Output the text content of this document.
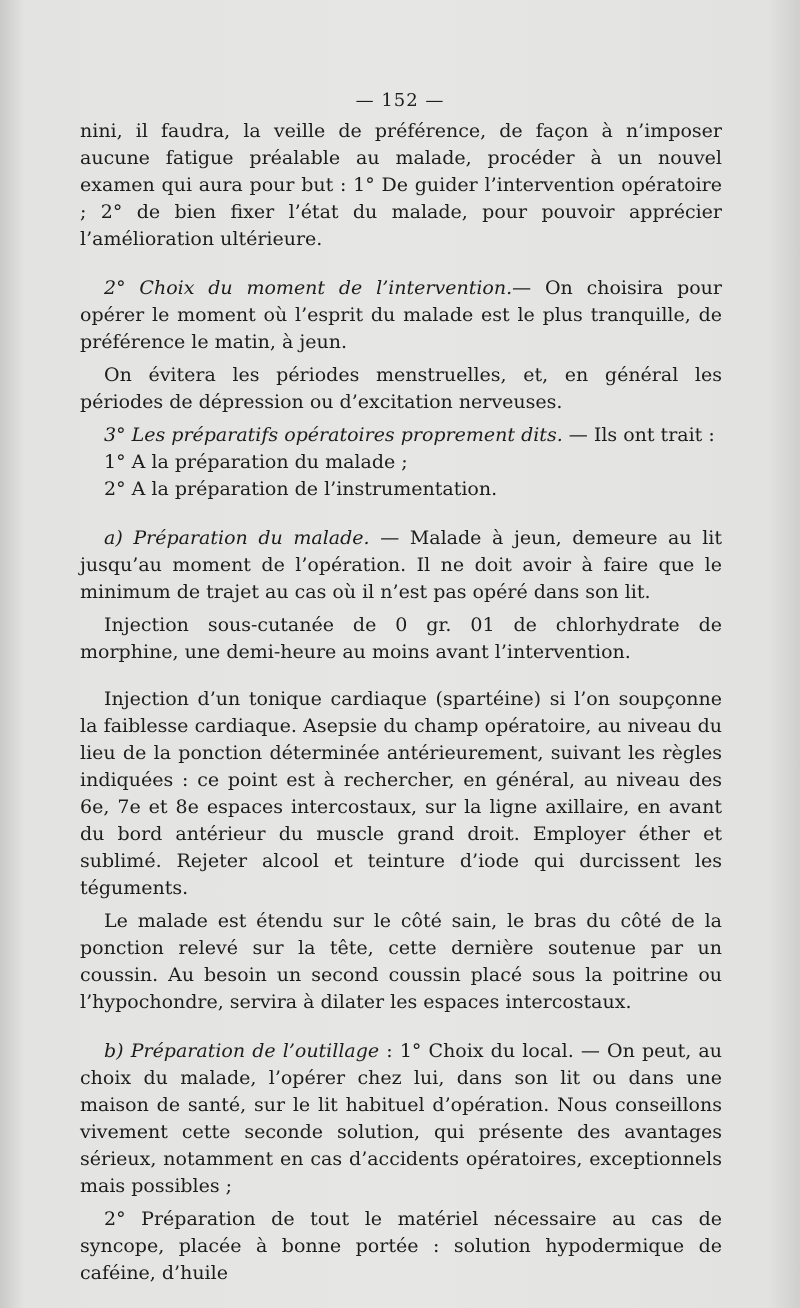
— 152 —

nini, il faudra, la veille de préférence, de façon à n’imposer aucune fatigue préalable au malade, procéder à un nouvel examen qui aura pour but : 1° De guider l’intervention opératoire ; 2° de bien fixer l’état du malade, pour pouvoir apprécier l’amélioration ultérieure.

2° Choix du moment de l’intervention.— On choisira pour opérer le moment où l’esprit du malade est le plus tranquille, de préférence le matin, à jeun.

On évitera les périodes menstruelles, et, en général les périodes de dépression ou d’excitation nerveuses.

3° Les préparatifs opératoires proprement dits. — Ils ont trait :

1° A la préparation du malade ;

2° A la préparation de l’instrumentation.

a) Préparation du malade. — Malade à jeun, demeure au lit jusqu’au moment de l’opération. Il ne doit avoir à faire que le minimum de trajet au cas où il n’est pas opéré dans son lit.

Injection sous-cutanée de 0 gr. 01 de chlorhydrate de morphine, une demi-heure au moins avant l’intervention.

Injection d’un tonique cardiaque (spartéine) si l’on soupçonne la faiblesse cardiaque. Asepsie du champ opératoire, au niveau du lieu de la ponction déterminée antérieurement, suivant les règles indiquées : ce point est à rechercher, en général, au niveau des 6e, 7e et 8e espaces intercostaux, sur la ligne axillaire, en avant du bord antérieur du muscle grand droit. Employer éther et sublimé. Rejeter alcool et teinture d’iode qui durcissent les téguments.

Le malade est étendu sur le côté sain, le bras du côté de la ponction relevé sur la tête, cette dernière soutenue par un coussin. Au besoin un second coussin placé sous la poitrine ou l’hypochondre, servira à dilater les espaces intercostaux.

b) Préparation de l’outillage : 1° Choix du local. — On peut, au choix du malade, l’opérer chez lui, dans son lit ou dans une maison de santé, sur le lit habituel d’opération. Nous conseillons vivement cette seconde solution, qui présente des avantages sérieux, notamment en cas d’accidents opératoires, exceptionnels mais possibles ;

2° Préparation de tout le matériel nécessaire au cas de syncope, placée à bonne portée : solution hypodermique de caféine, d’huile
